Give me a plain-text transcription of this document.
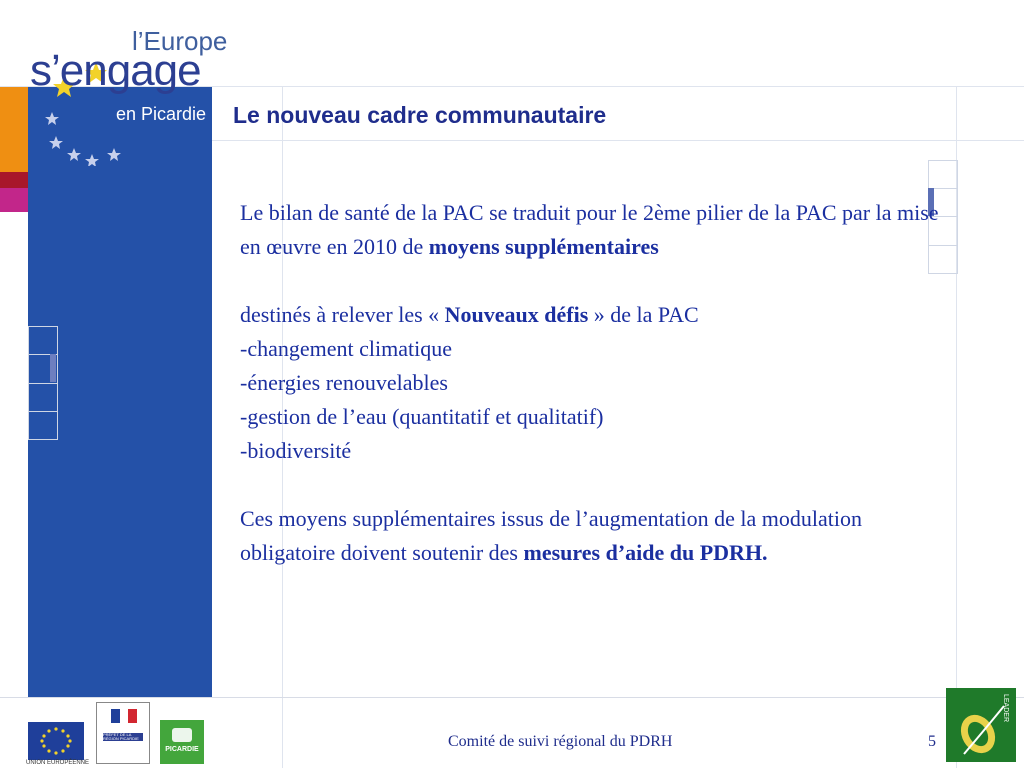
l’Europe
s’engage
en Picardie Le nouveau cadre communautaire

Le bilan de santé de la PAC se traduit pour le 2ème pilier de la PAC par la mise en œuvre en 2010 de moyens supplémentaires

destinés à relever les « Nouveaux défis » de la PAC

-changement climatique

-énergies renouvelables

-gestion de l’eau (quantitatif et qualitatif)

-biodiversité

Ces moyens supplémentaires issus de l’augmentation de la modulation obligatoire doivent soutenir des mesures d’aide du PDRH.

UNION EUROPÉENNE
PRÉFET DE LA RÉGION PICARDIE
PICARDIE	Comité de suivi régional du PDRH	5
LEADER
